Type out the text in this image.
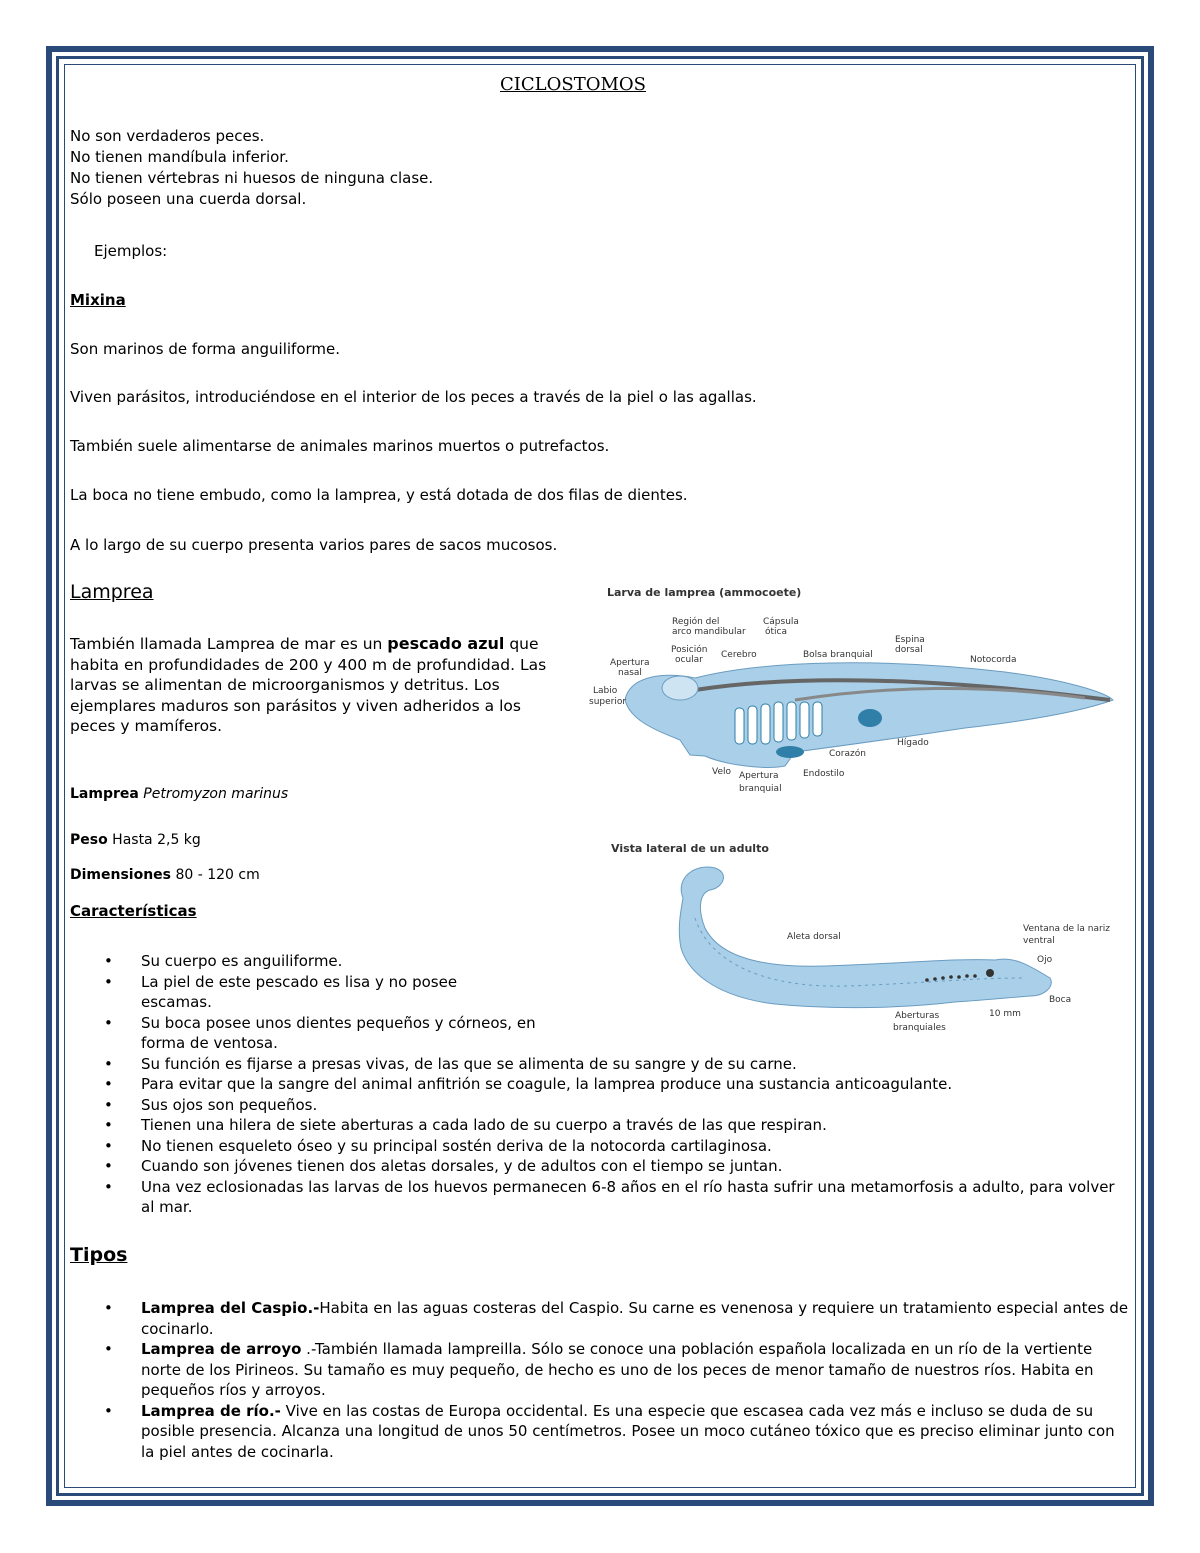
CICLOSTOMOS
No son verdaderos peces.
No tienen mandíbula inferior.
No tienen vértebras ni huesos de ninguna clase.
Sólo poseen una cuerda dorsal.
Ejemplos:
Mixina
Son marinos de forma anguiliforme.
Viven parásitos, introduciéndose en el interior de los peces a través de la piel o las agallas.
También suele alimentarse de animales marinos muertos o putrefactos.
La boca no tiene embudo, como la lamprea, y está dotada de dos filas de dientes.
A lo largo de su cuerpo presenta varios pares de sacos mucosos.
Lamprea
También llamada Lamprea de mar es un pescado azul que habita en profundidades de 200 y 400 m de profundidad. Las larvas se alimentan de microorganismos y detritus. Los ejemplares maduros son parásitos y viven adheridos a los peces y mamíferos.
Lamprea Petromyzon marinus
Peso Hasta 2,5 kg
Dimensiones 80 - 120 cm
Características
• Su cuerpo es anguiliforme.
• La piel de este pescado es lisa y no posee escamas.
• Su boca posee unos dientes pequeños y córneos, en forma de ventosa.
• Su función es fijarse a presas vivas, de las que se alimenta de su sangre y de su carne.
• Para evitar que la sangre del animal anfitrión se coagule, la lamprea produce una sustancia anticoagulante.
• Sus ojos son pequeños.
• Tienen una hilera de siete aberturas a cada lado de su cuerpo a través de las que respiran.
• No tienen esqueleto óseo y su principal sostén deriva de la notocorda cartilaginosa.
• Cuando son jóvenes tienen dos aletas dorsales, y de adultos con el tiempo se juntan.
• Una vez eclosionadas las larvas de los huevos permanecen 6-8 años en el río hasta sufrir una metamorfosis a adulto, para volver al mar.
Tipos
• Lamprea del Caspio.-Habita en las aguas costeras del Caspio. Su carne es venenosa y requiere un tratamiento especial antes de cocinarlo.
• Lamprea de arroyo .-También llamada lampreilla. Sólo se conoce una población española localizada en un río de la vertiente norte de los Pirineos. Su tamaño es muy pequeño, de hecho es uno de los peces de menor tamaño de nuestros ríos. Habita en pequeños ríos y arroyos.
• Lamprea de río.- Vive en las costas de Europa occidental. Es una especie que escasea cada vez más e incluso se duda de su posible presencia. Alcanza una longitud de unos 50 centímetros. Posee un moco cutáneo tóxico que es preciso eliminar junto con la piel antes de cocinarla.
Larva de lamprea (ammocoete)
Región del
arco mandibular
Cápsula
ótica
Posición
ocular
Espina
dorsal
Apertura
nasal
Cerebro	Bolsa branquial	Notocorda
Labio
superior
Hígado
Corazón
Velo Apertura
branquial
Endostilo
Vista lateral de un adulto
Aleta dorsal
Ventana de la nariz
ventral
Ojo
Boca
Aberturas
branquiales
10 mm
